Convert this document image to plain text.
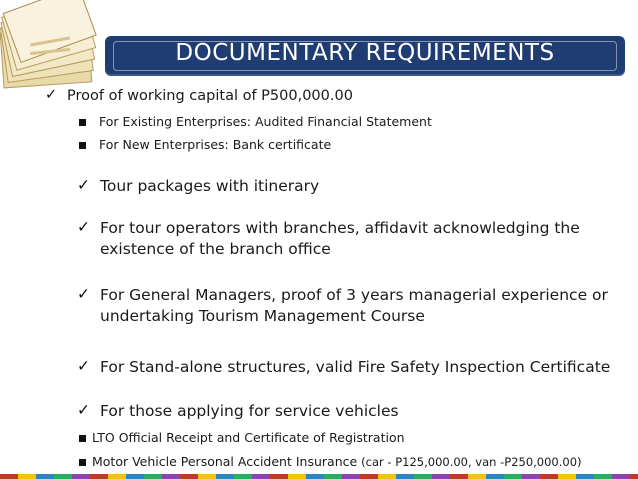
DOCUMENTARY REQUIREMENTS
✓ Proof of working capital of P500,000.00
For Existing Enterprises: Audited Financial Statement
For New Enterprises: Bank certificate
✓ Tour packages with itinerary
✓ For tour operators with branches, affidavit acknowledging the
existence of the branch office
✓ For General Managers, proof of 3 years managerial experience or
undertaking Tourism Management Course
✓ For Stand-alone structures, valid Fire Safety Inspection Certificate
✓ For those applying for service vehicles
LTO Official Receipt and Certificate of Registration
Motor Vehicle Personal Accident Insurance (car - P125,000.00, van -P250,000.00)
